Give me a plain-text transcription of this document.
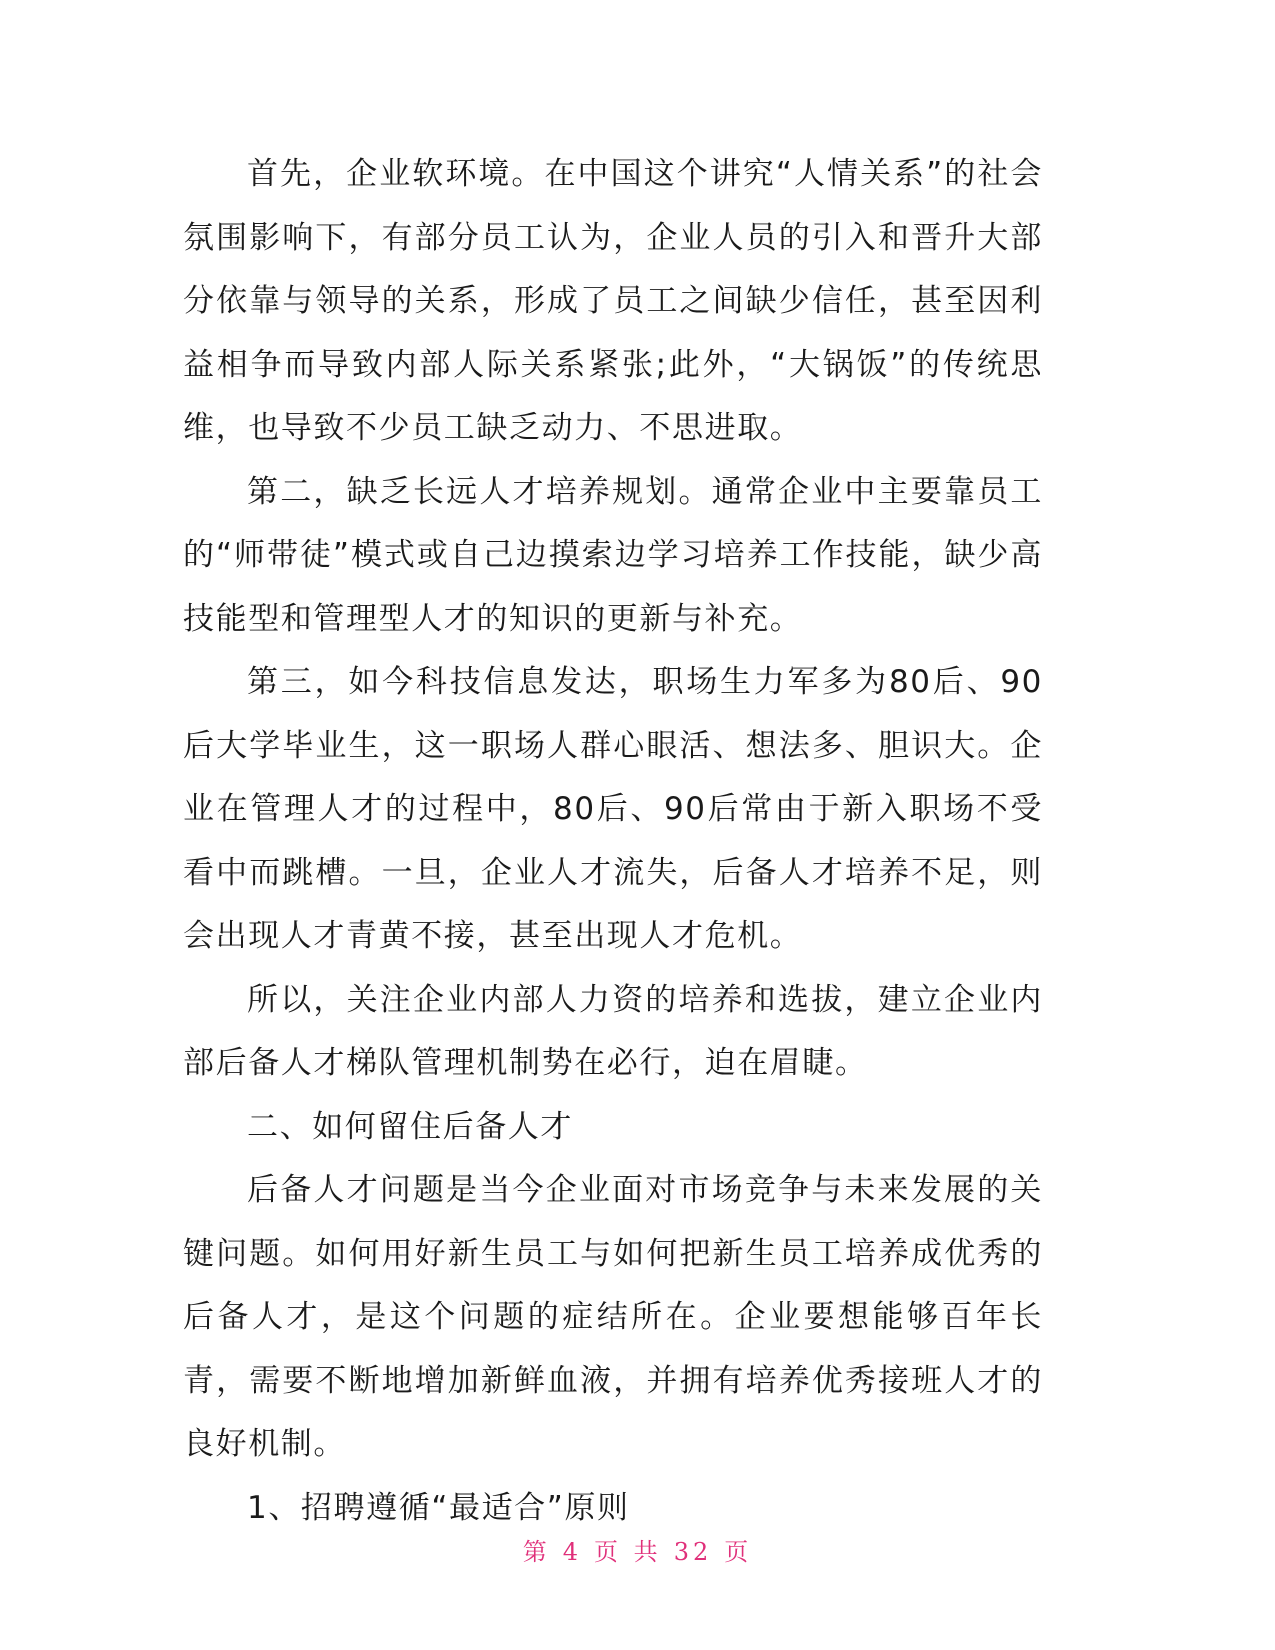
首先，企业软环境。在中国这个讲究“人情关系”的社会氛围影响下，有部分员工认为，企业人员的引入和晋升大部分依靠与领导的关系，形成了员工之间缺少信任，甚至因利益相争而导致内部人际关系紧张;此外，“大锅饭”的传统思维，也导致不少员工缺乏动力、不思进取。

第二，缺乏长远人才培养规划。通常企业中主要靠员工的“师带徒”模式或自己边摸索边学习培养工作技能，缺少高技能型和管理型人才的知识的更新与补充。

第三，如今科技信息发达，职场生力军多为80后、90后大学毕业生，这一职场人群心眼活、想法多、胆识大。企业在管理人才的过程中，80后、90后常由于新入职场不受看中而跳槽。一旦，企业人才流失，后备人才培养不足，则会出现人才青黄不接，甚至出现人才危机。

所以，关注企业内部人力资的培养和选拔，建立企业内部后备人才梯队管理机制势在必行，迫在眉睫。

二、如何留住后备人才

后备人才问题是当今企业面对市场竞争与未来发展的关键问题。如何用好新生员工与如何把新生员工培养成优秀的后备人才，是这个问题的症结所在。企业要想能够百年长青，需要不断地增加新鲜血液，并拥有培养优秀接班人才的良好机制。

1、招聘遵循“最适合”原则

第 4 页 共 32 页
